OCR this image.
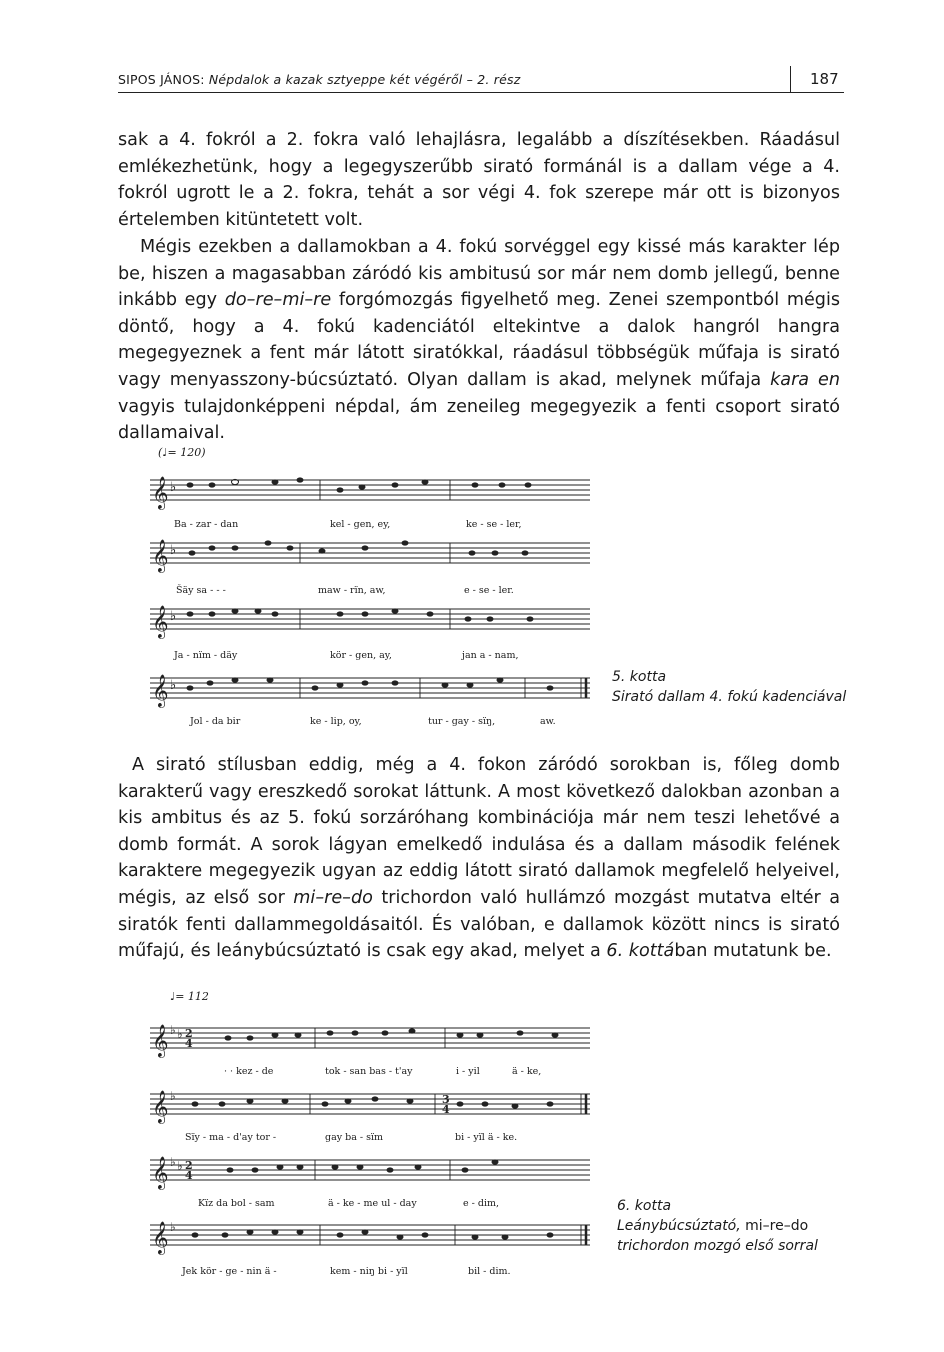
SIPOS JÁNOS: Népdalok a kazak sztyeppe két végéről – 2. rész	187

sak a 4. fokról a 2. fokra való lehajlásra, legalább a díszítésekben. Ráadásul emlékezhetünk, hogy a legegyszerűbb sirató formánál is a dallam vége a 4. fokról ugrott le a 2. fokra, tehát a sor végi 4. fok szerepe már ott is bizonyos értelemben kitüntetett volt.

Mégis ezekben a dallamokban a 4. fokú sorvéggel egy kissé más karakter lép be, hiszen a magasabban záródó kis ambitusú sor már nem domb jellegű, benne inkább egy do–re–mi–re forgómozgás figyelhető meg. Zenei szempontból mégis döntő, hogy a 4. fokú kadenciától eltekintve a dalok hangról hangra megegyeznek a fent már látott siratókkal, ráadásul többségük műfaja is sirató vagy menyasszony-búcsúztató. Olyan dallam is akad, melynek műfaja kara en vagyis tulajdonképpeni népdal, ám zeneileg megegyezik a fenti csoport sirató dallamaival.

(♩= 120)
𝄞
𝄞
𝄞
𝄞
♭
♭
♭
♭
Ba - zar - dan	kel - gen, ey,	ke - se - ler,
Šäy sa - - -	maw - rïn, aw,	e - se - ler.
Ja - nïm - däy	kör - gen, ay,	jan a - nam,
Jol - da bir	ke - lip, oy,	tur - gay - sïŋ,	aw.
5. kotta
Sirató dallam 4. fokú kadenciával

A sirató stílusban eddig, még a 4. fokon záródó sorokban is, főleg domb karakterű vagy ereszkedő sorokat láttunk. A most következő dalokban azonban a kis ambitus és az 5. fokú sorzáróhang kombinációja már nem teszi lehetővé a domb formát. A sorok lágyan emelkedő indulása és a dallam második felének karaktere megegyezik ugyan az eddig látott sirató dallamok megfelelő helyeivel, mégis, az első sor mi–re–do trichordon való hullámzó mozgást mutatva eltér a siratók fenti dallammegoldásaitól. És valóban, e dallamok között nincs is sirató műfajú, és leánybúcsúztató is csak egy akad, melyet a 6. kottában mutatunk be.

♩= 112
𝄞
𝄞
𝄞
𝄞
♭ ♭
♭
♭ ♭
♭
2
4
3
4
2
4
· · kez - de	tok - san bas - t'ay	i - yil	ä - ke,
Sïy - ma - d'ay tor -	gay ba - sïm	bi - yïl ä - ke.
Kïz da bol - sam	ä - ke - me ul - day	e - dim,
Jek kör - ge - nin ä -	kem - niŋ bi - yïl	bil - dim.
6. kotta
Leánybúcsúztató, mi–re–do
trichordon mozgó első sorral
